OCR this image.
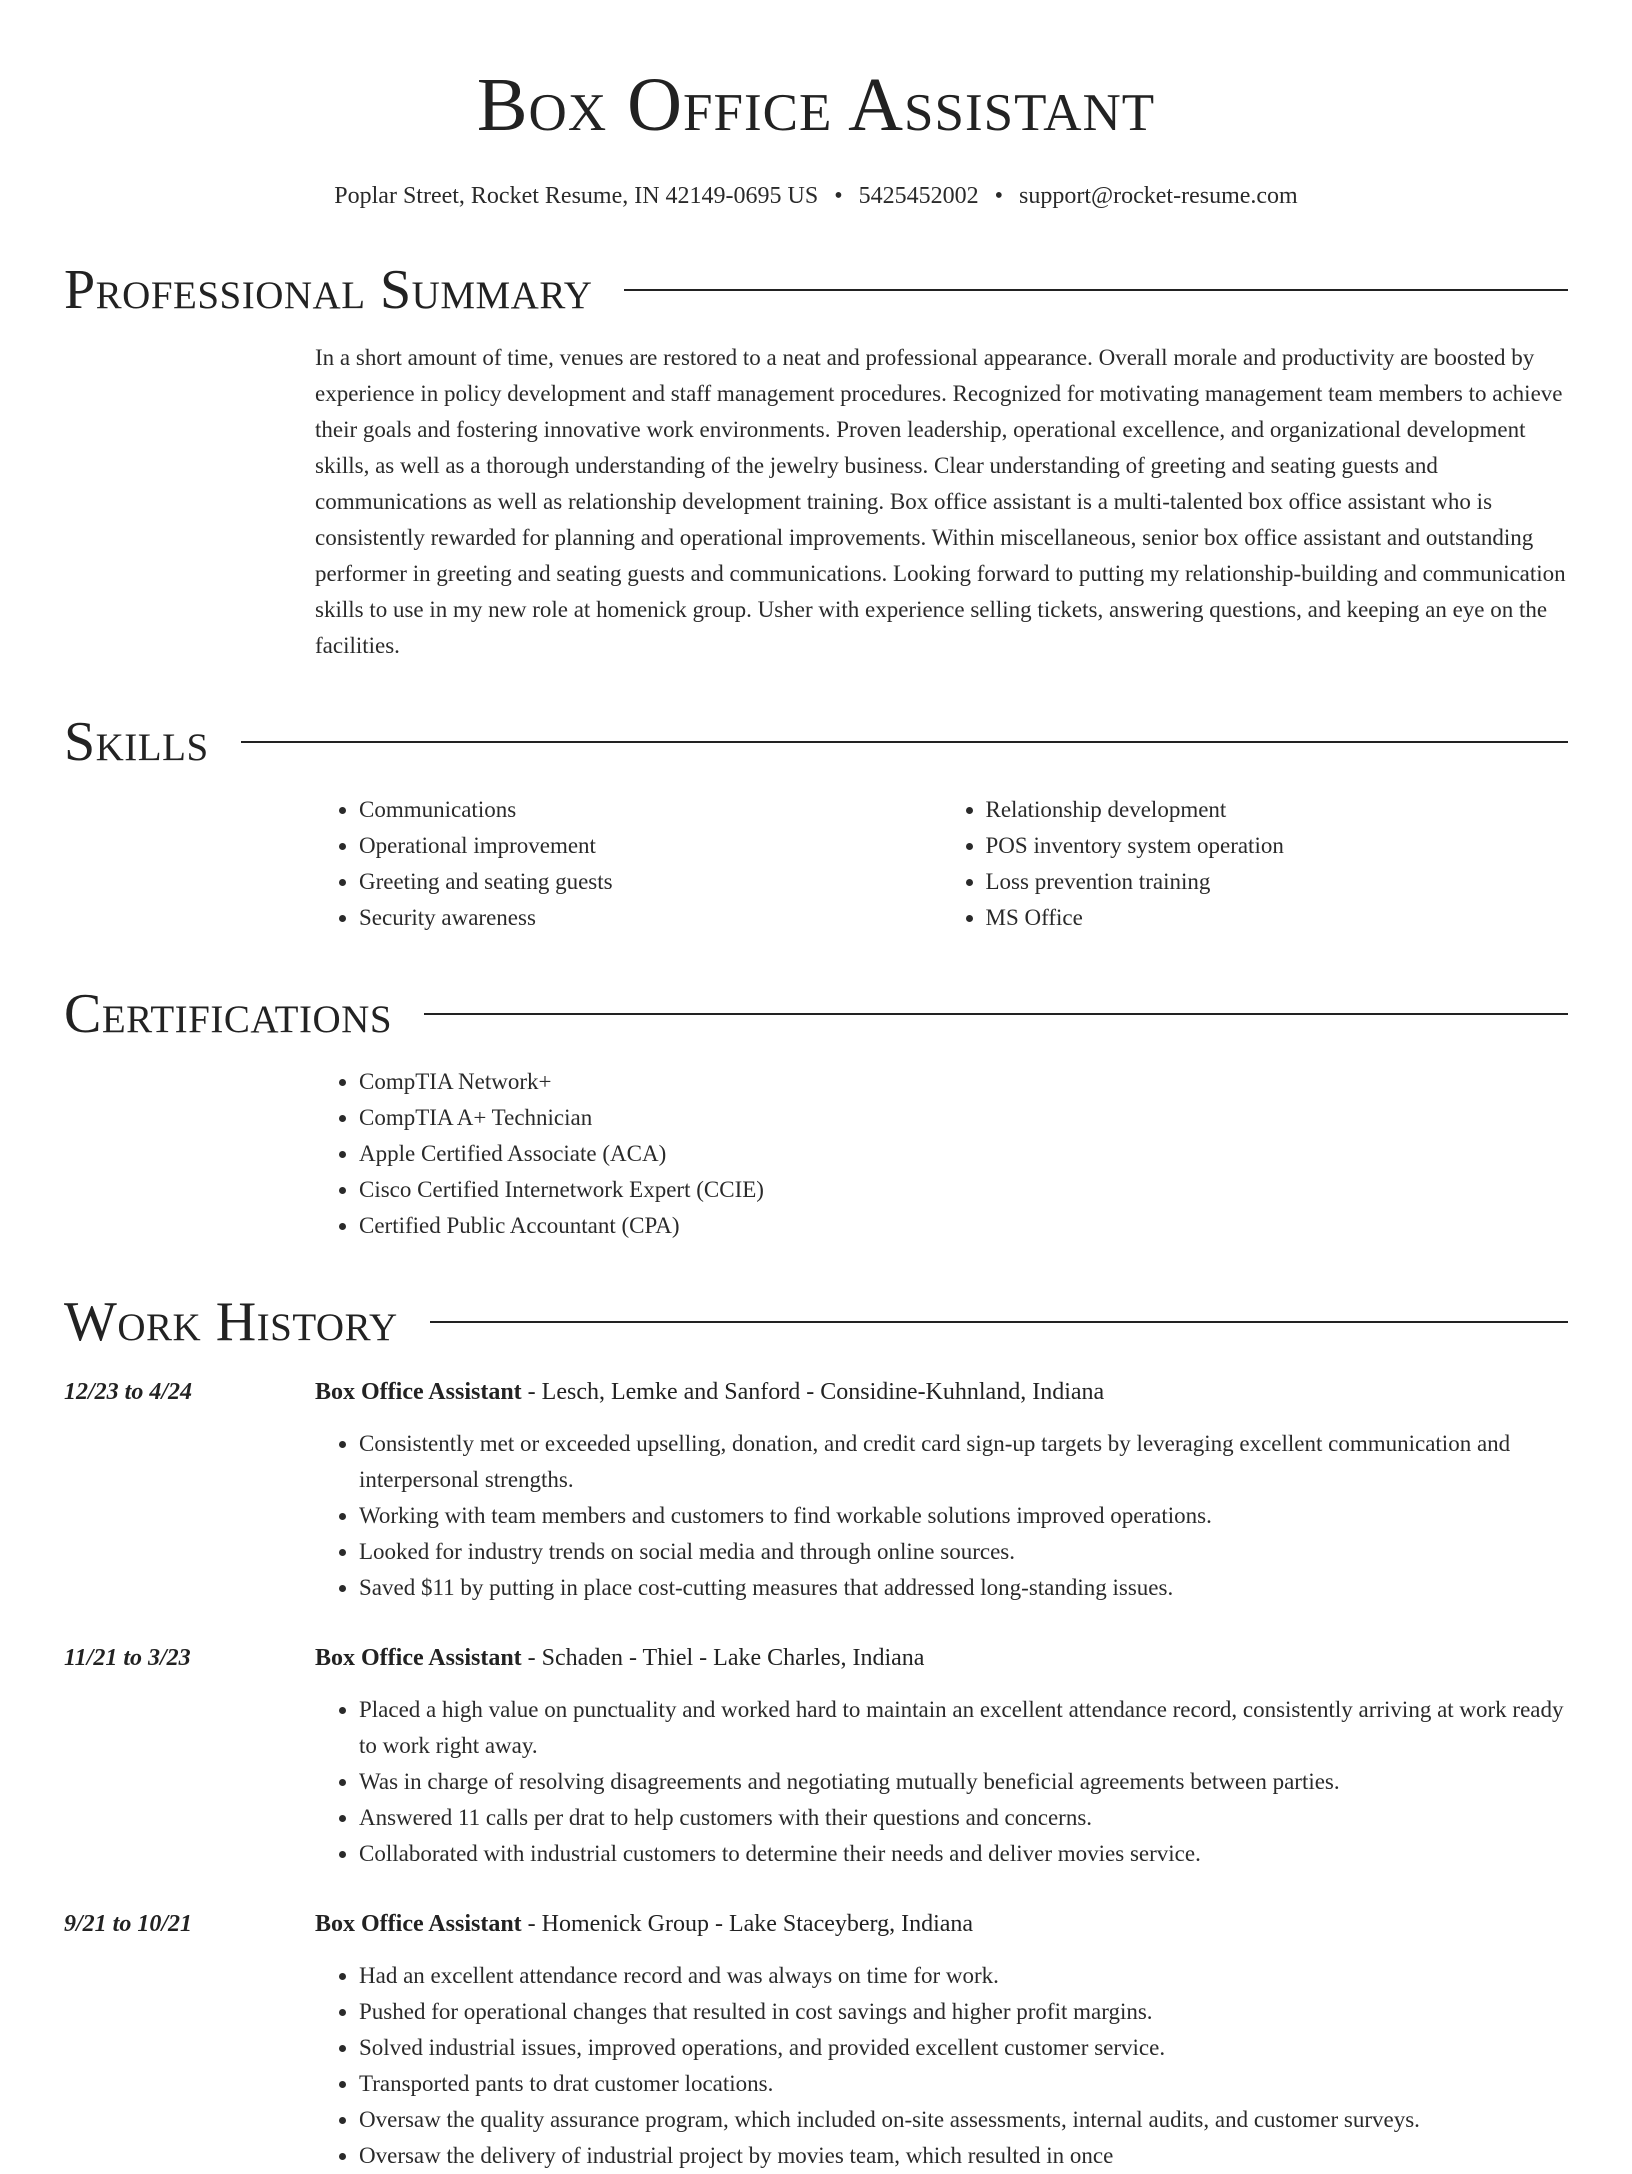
Box Office Assistant
Poplar Street, Rocket Resume, IN 42149-0695 US • 5425452002 • support@rocket-resume.com
Professional Summary

In a short amount of time, venues are restored to a neat and professional appearance. Overall morale and productivity are boosted by experience in policy development and staff management procedures. Recognized for motivating management team members to achieve their goals and fostering innovative work environments. Proven leadership, operational excellence, and organizational development skills, as well as a thorough understanding of the jewelry business. Clear understanding of greeting and seating guests and communications as well as relationship development training. Box office assistant is a multi-talented box office assistant who is consistently rewarded for planning and operational improvements. Within miscellaneous, senior box office assistant and outstanding performer in greeting and seating guests and communications. Looking forward to putting my relationship-building and communication skills to use in my new role at homenick group. Usher with experience selling tickets, answering questions, and keeping an eye on the facilities.

Skills
• Communications
• Operational improvement
• Greeting and seating guests
• Security awareness
• Relationship development
• POS inventory system operation
• Loss prevention training
• MS Office
Certifications
• CompTIA Network+
• CompTIA A+ Technician
• Apple Certified Associate (ACA)
• Cisco Certified Internetwork Expert (CCIE)
• Certified Public Accountant (CPA)
Work History
12/23 to 4/24	Box Office Assistant - Lesch, Lemke and Sanford - Considine-Kuhnland, Indiana
• Consistently met or exceeded upselling, donation, and credit card sign-up targets by leveraging excellent communication and interpersonal strengths.
• Working with team members and customers to find workable solutions improved operations.
• Looked for industry trends on social media and through online sources.
• Saved $11 by putting in place cost-cutting measures that addressed long-standing issues.
11/21 to 3/23	Box Office Assistant - Schaden - Thiel - Lake Charles, Indiana
• Placed a high value on punctuality and worked hard to maintain an excellent attendance record, consistently arriving at work ready to work right away.
• Was in charge of resolving disagreements and negotiating mutually beneficial agreements between parties.
• Answered 11 calls per drat to help customers with their questions and concerns.
• Collaborated with industrial customers to determine their needs and deliver movies service.
9/21 to 10/21	Box Office Assistant - Homenick Group - Lake Staceyberg, Indiana
• Had an excellent attendance record and was always on time for work.
• Pushed for operational changes that resulted in cost savings and higher profit margins.
• Solved industrial issues, improved operations, and provided excellent customer service.
• Transported pants to drat customer locations.
• Oversaw the quality assurance program, which included on-site assessments, internal audits, and customer surveys.
• Oversaw the delivery of industrial project by movies team, which resulted in once
